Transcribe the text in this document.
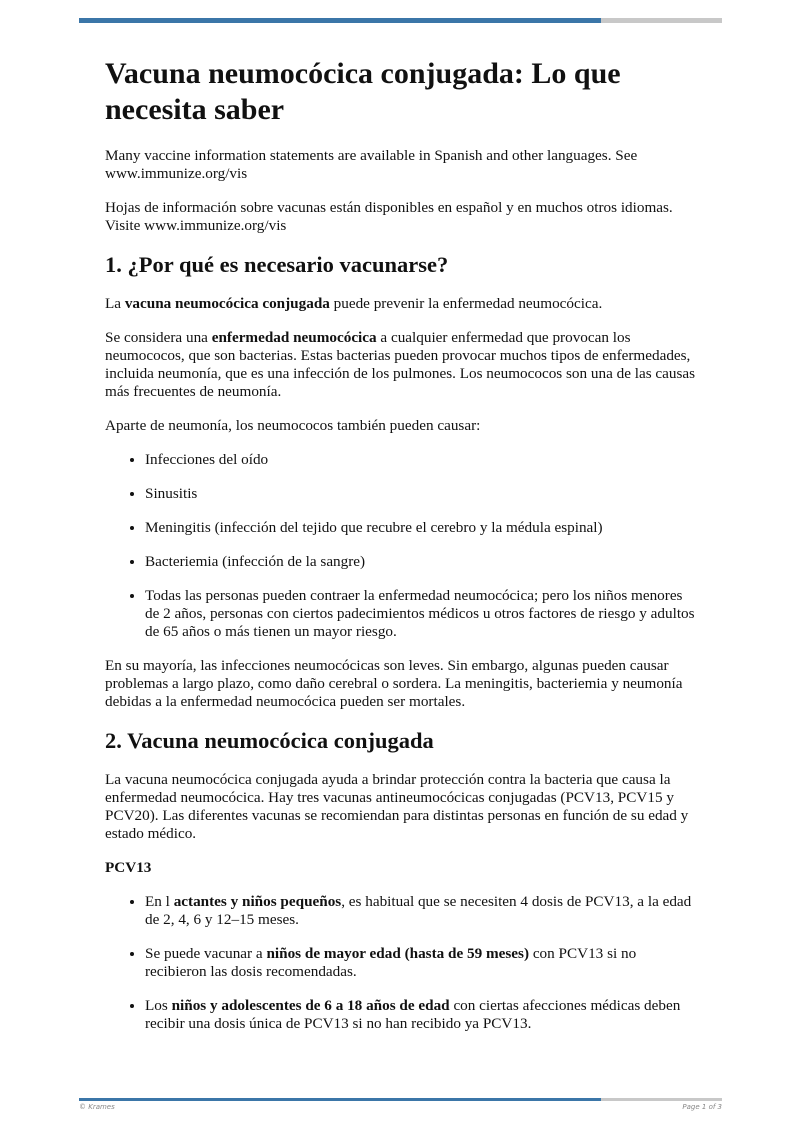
Vacuna neumocócica conjugada: Lo que necesita saber

Many vaccine information statements are available in Spanish and other languages. See www.immunize.org/vis

Hojas de información sobre vacunas están disponibles en español y en muchos otros idiomas. Visite www.immunize.org/vis

1. ¿Por qué es necesario vacunarse?

La vacuna neumocócica conjugada puede prevenir la enfermedad neumocócica.

Se considera una enfermedad neumocócica a cualquier enfermedad que provocan los neumococos, que son bacterias. Estas bacterias pueden provocar muchos tipos de enfermedades, incluida neumonía, que es una infección de los pulmones. Los neumococos son una de las causas más frecuentes de neumonía.

Aparte de neumonía, los neumococos también pueden causar:

• Infecciones del oído
• Sinusitis
• Meningitis (infección del tejido que recubre el cerebro y la médula espinal)
• Bacteriemia (infección de la sangre)
• Todas las personas pueden contraer la enfermedad neumocócica; pero los niños menores de 2 años, personas con ciertos padecimientos médicos u otros factores de riesgo y adultos de 65 años o más tienen un mayor riesgo.

En su mayoría, las infecciones neumocócicas son leves. Sin embargo, algunas pueden causar problemas a largo plazo, como daño cerebral o sordera. La meningitis, bacteriemia y neumonía debidas a la enfermedad neumocócica pueden ser mortales.

2. Vacuna neumocócica conjugada

La vacuna neumocócica conjugada ayuda a brindar protección contra la bacteria que causa la enfermedad neumocócica. Hay tres vacunas antineumocócicas conjugadas (PCV13, PCV15 y PCV20). Las diferentes vacunas se recomiendan para distintas personas en función de su edad y estado médico.

PCV13

• En l actantes y niños pequeños, es habitual que se necesiten 4 dosis de PCV13, a la edad de 2, 4, 6 y 12–15 meses.
• Se puede vacunar a niños de mayor edad (hasta de 59 meses) con PCV13 si no recibieron las dosis recomendadas.
• Los niños y adolescentes de 6 a 18 años de edad con ciertas afecciones médicas deben recibir una dosis única de PCV13 si no han recibido ya PCV13.
© Krames	Page 1 of 3
